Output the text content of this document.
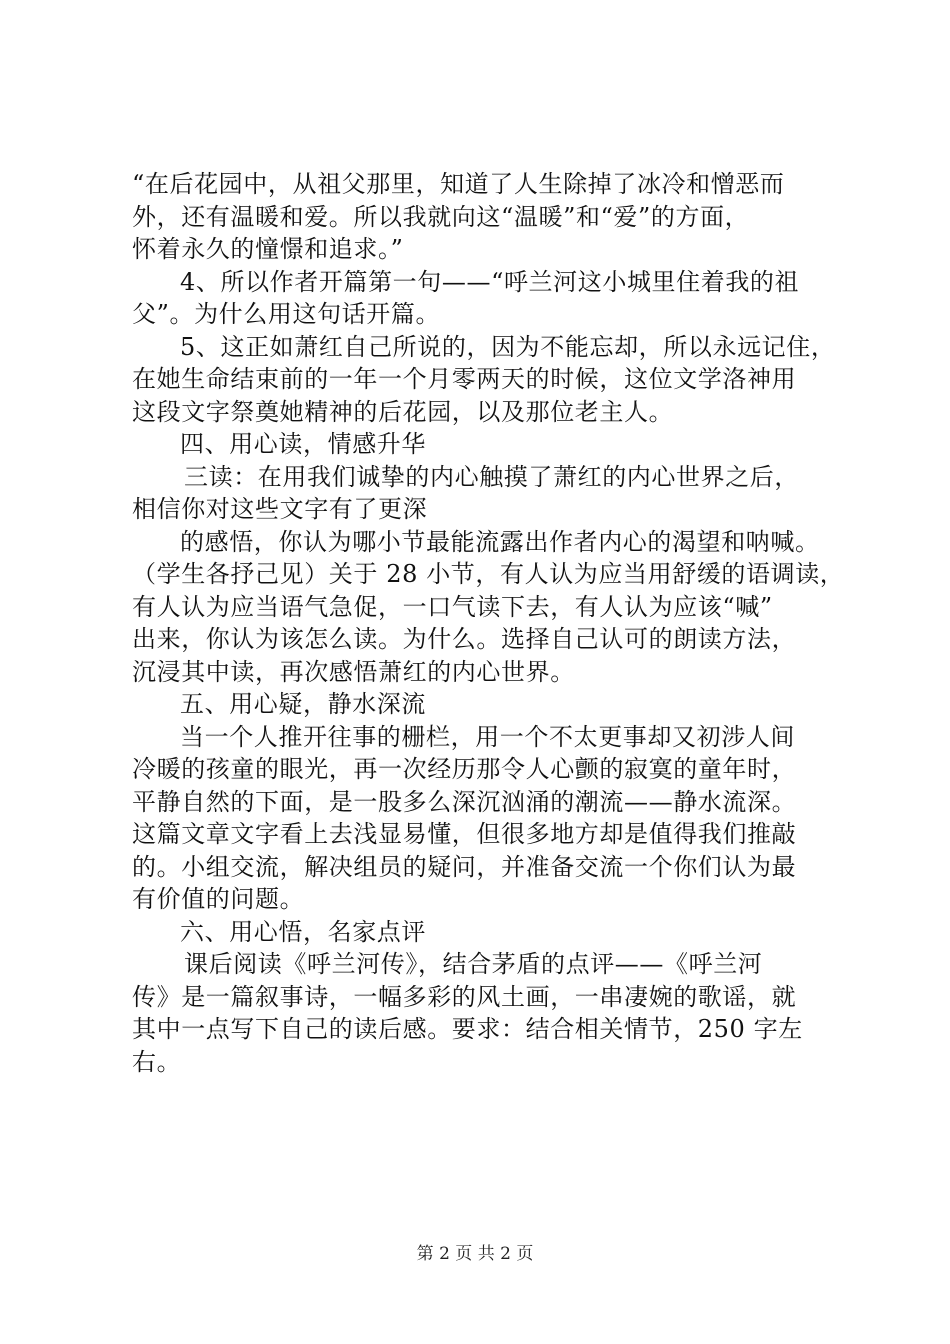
“在后花园中，从祖父那里，知道了人生除掉了冰冷和憎恶而
外，还有温暖和爱。所以我就向这“温暖”和“爱”的方面，
怀着永久的憧憬和追求。”
4、所以作者开篇第一句——“呼兰河这小城里住着我的祖
父”。为什么用这句话开篇。
5、这正如萧红自己所说的，因为不能忘却，所以永远记住，
在她生命结束前的一年一个月零两天的时候，这位文学洛神用
这段文字祭奠她精神的后花园，以及那位老主人。
四、用心读，情感升华
三读：在用我们诚挚的内心触摸了萧红的内心世界之后，
相信你对这些文字有了更深
的感悟，你认为哪小节最能流露出作者内心的渴望和呐喊。
（学生各抒己见）关于 28 小节，有人认为应当用舒缓的语调读，
有人认为应当语气急促，一口气读下去，有人认为应该“喊”
出来，你认为该怎么读。为什么。选择自己认可的朗读方法，
沉浸其中读，再次感悟萧红的内心世界。
五、用心疑，静水深流
当一个人推开往事的栅栏，用一个不太更事却又初涉人间
冷暖的孩童的眼光，再一次经历那令人心颤的寂寞的童年时，
平静自然的下面，是一股多么深沉汹涌的潮流——静水流深。
这篇文章文字看上去浅显易懂，但很多地方却是值得我们推敲
的。小组交流，解决组员的疑问，并准备交流一个你们认为最
有价值的问题。
六、用心悟，名家点评
课后阅读《呼兰河传》，结合茅盾的点评——《呼兰河
传》是一篇叙事诗，一幅多彩的风土画，一串凄婉的歌谣，就
其中一点写下自己的读后感。要求：结合相关情节，250 字左
右。
第 2 页 共 2 页
